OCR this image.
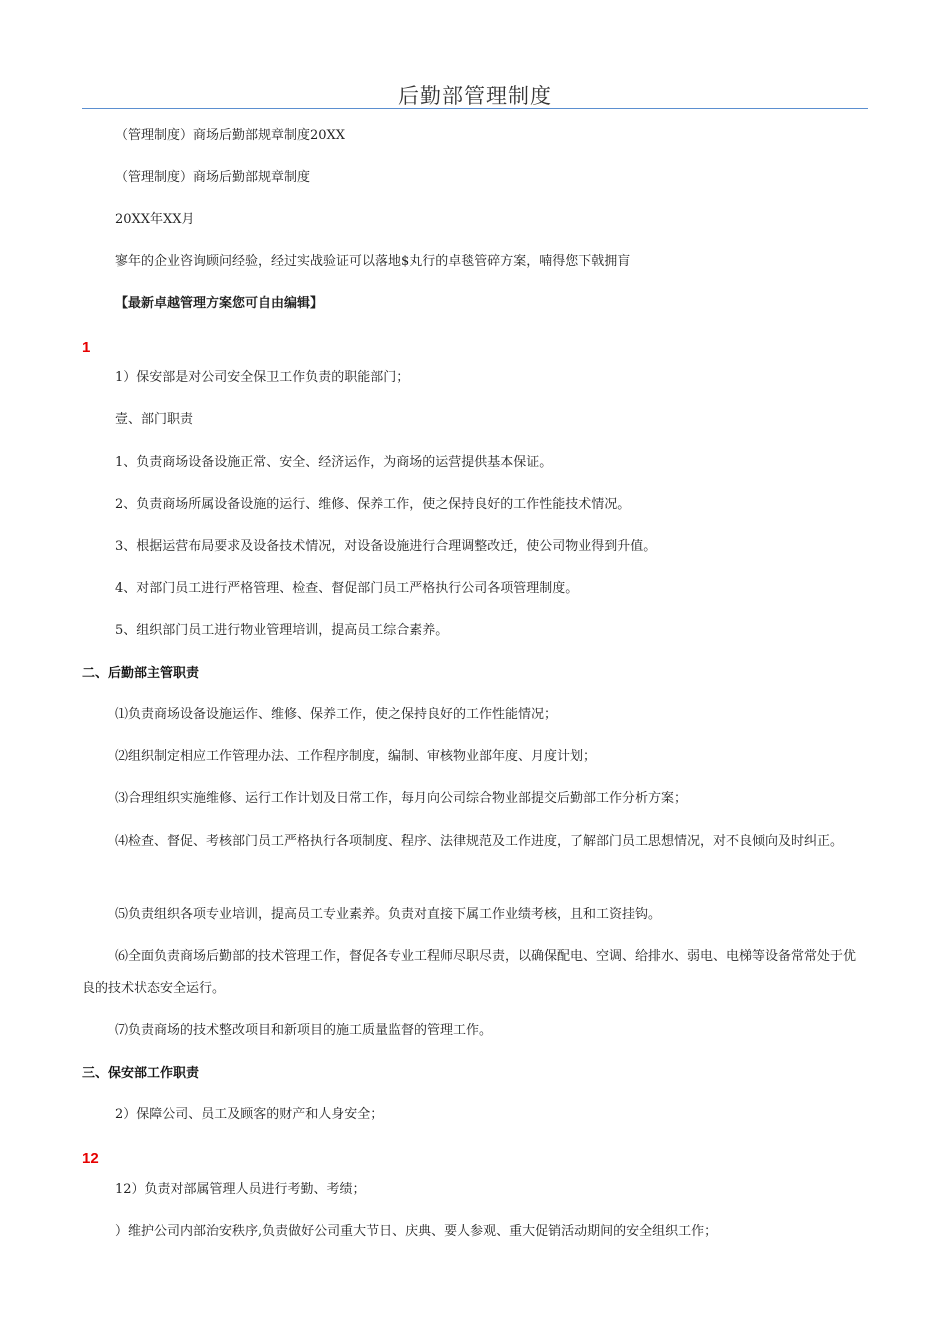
后勤部管理制度
（管理制度）商场后勤部规章制度20XX
（管理制度）商场后勤部规章制度
20XX年XX月
寥年的企业咨询顾问经验，经过实战验证可以落地$丸行的卓毯管碎方案，喃得您下戟拥肓
【最新卓越管理方案您可自由编辑】
1
1）保安部是对公司安全保卫工作负责的职能部门；
壹、部门职责
1、负责商场设备设施正常、安全、经济运作，为商场的运营提供基本保证。
2、负责商场所属设备设施的运行、维修、保养工作，使之保持良好的工作性能技术情况。
3、根据运营布局要求及设备技术情况，对设备设施进行合理调整改迁，使公司物业得到升值。
4、对部门员工进行严格管理、检查、督促部门员工严格执行公司各项管理制度。
5、组织部门员工进行物业管理培训，提高员工综合素养。
二、后勤部主管职责
⑴负责商场设备设施运作、维修、保养工作，使之保持良好的工作性能情况；
⑵组织制定相应工作管理办法、工作程序制度，编制、审核物业部年度、月度计划；
⑶合理组织实施维修、运行工作计划及日常工作，每月向公司综合物业部提交后勤部工作分析方案；
⑷检查、督促、考核部门员工严格执行各项制度、程序、法律规范及工作进度，了解部门员工思想情况，对不良倾向及时纠正。
⑸负责组织各项专业培训，提高员工专业素养。负责对直接下属工作业绩考核，且和工资挂钩。
⑹全面负责商场后勤部的技术管理工作，督促各专业工程师尽职尽责，以确保配电、空调、给排水、弱电、电梯等设备常常处于优良的技术状态安全运行。
⑺负责商场的技术整改项目和新项目的施工质量监督的管理工作。
三、保安部工作职责
2）保障公司、员工及顾客的财产和人身安全；
12
12）负责对部属管理人员进行考勤、考绩；
）维护公司内部治安秩序,负责做好公司重大节日、庆典、要人参观、重大促销活动期间的安全组织工作；
